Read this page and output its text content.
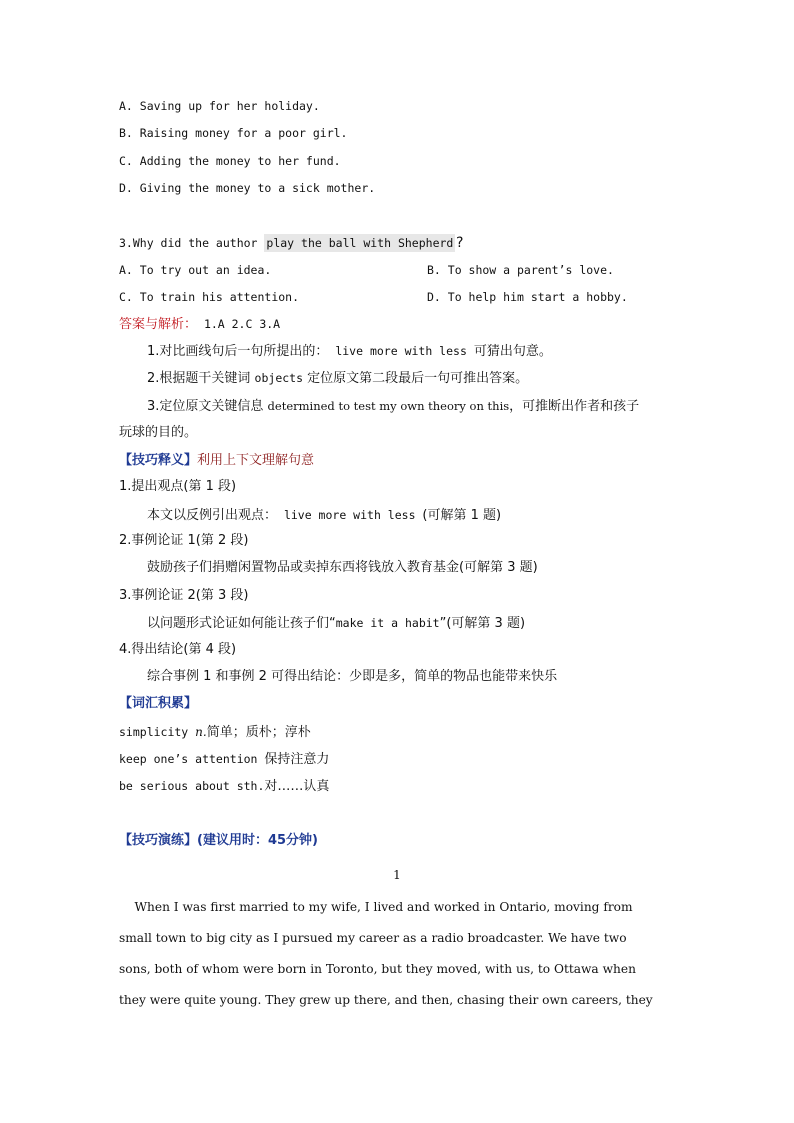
A. Saving up for her holiday.
B. Raising money for a poor girl.
C. Adding the money to her fund.
D. Giving the money to a sick mother.
3.Why did the author play the ball with Shepherd ?
A. To try out an idea.	B. To show a parent’s love.
C. To train his attention.	D. To help him start a hobby.
答案与解析： 1.A 2.C 3.A
1.对比画线句后一句所提出的： live more with less 可猜出句意。
2.根据题干关键词 objects 定位原文第二段最后一句可推出答案。
3.定位原文关键信息 determined to test my own theory on this，可推断出作者和孩子
玩球的目的。
【技巧释义】利用上下文理解句意
1.提出观点(第 1 段)
本文以反例引出观点： live more with less (可解第 1 题)
2.事例论证 1(第 2 段)
鼓励孩子们捐赠闲置物品或卖掉东西将钱放入教育基金(可解第 3 题)
3.事例论证 2(第 3 段)
以问题形式论证如何能让孩子们“make it a habit”(可解第 3 题)
4.得出结论(第 4 段)
综合事例 1 和事例 2 可得出结论：少即是多，简单的物品也能带来快乐
【词汇积累】
simplicity n.简单；质朴；淳朴
keep one’s attention 保持注意力
be serious about sth.对……认真
【技巧演练】(建议用时：45分钟)
1
When I was first married to my wife, I lived and worked in Ontario, moving from
small town to big city as I pursued my career as a radio broadcaster. We have two
sons, both of whom were born in Toronto, but they moved, with us, to Ottawa when
they were quite young. They grew up there, and then, chasing their own careers, they
